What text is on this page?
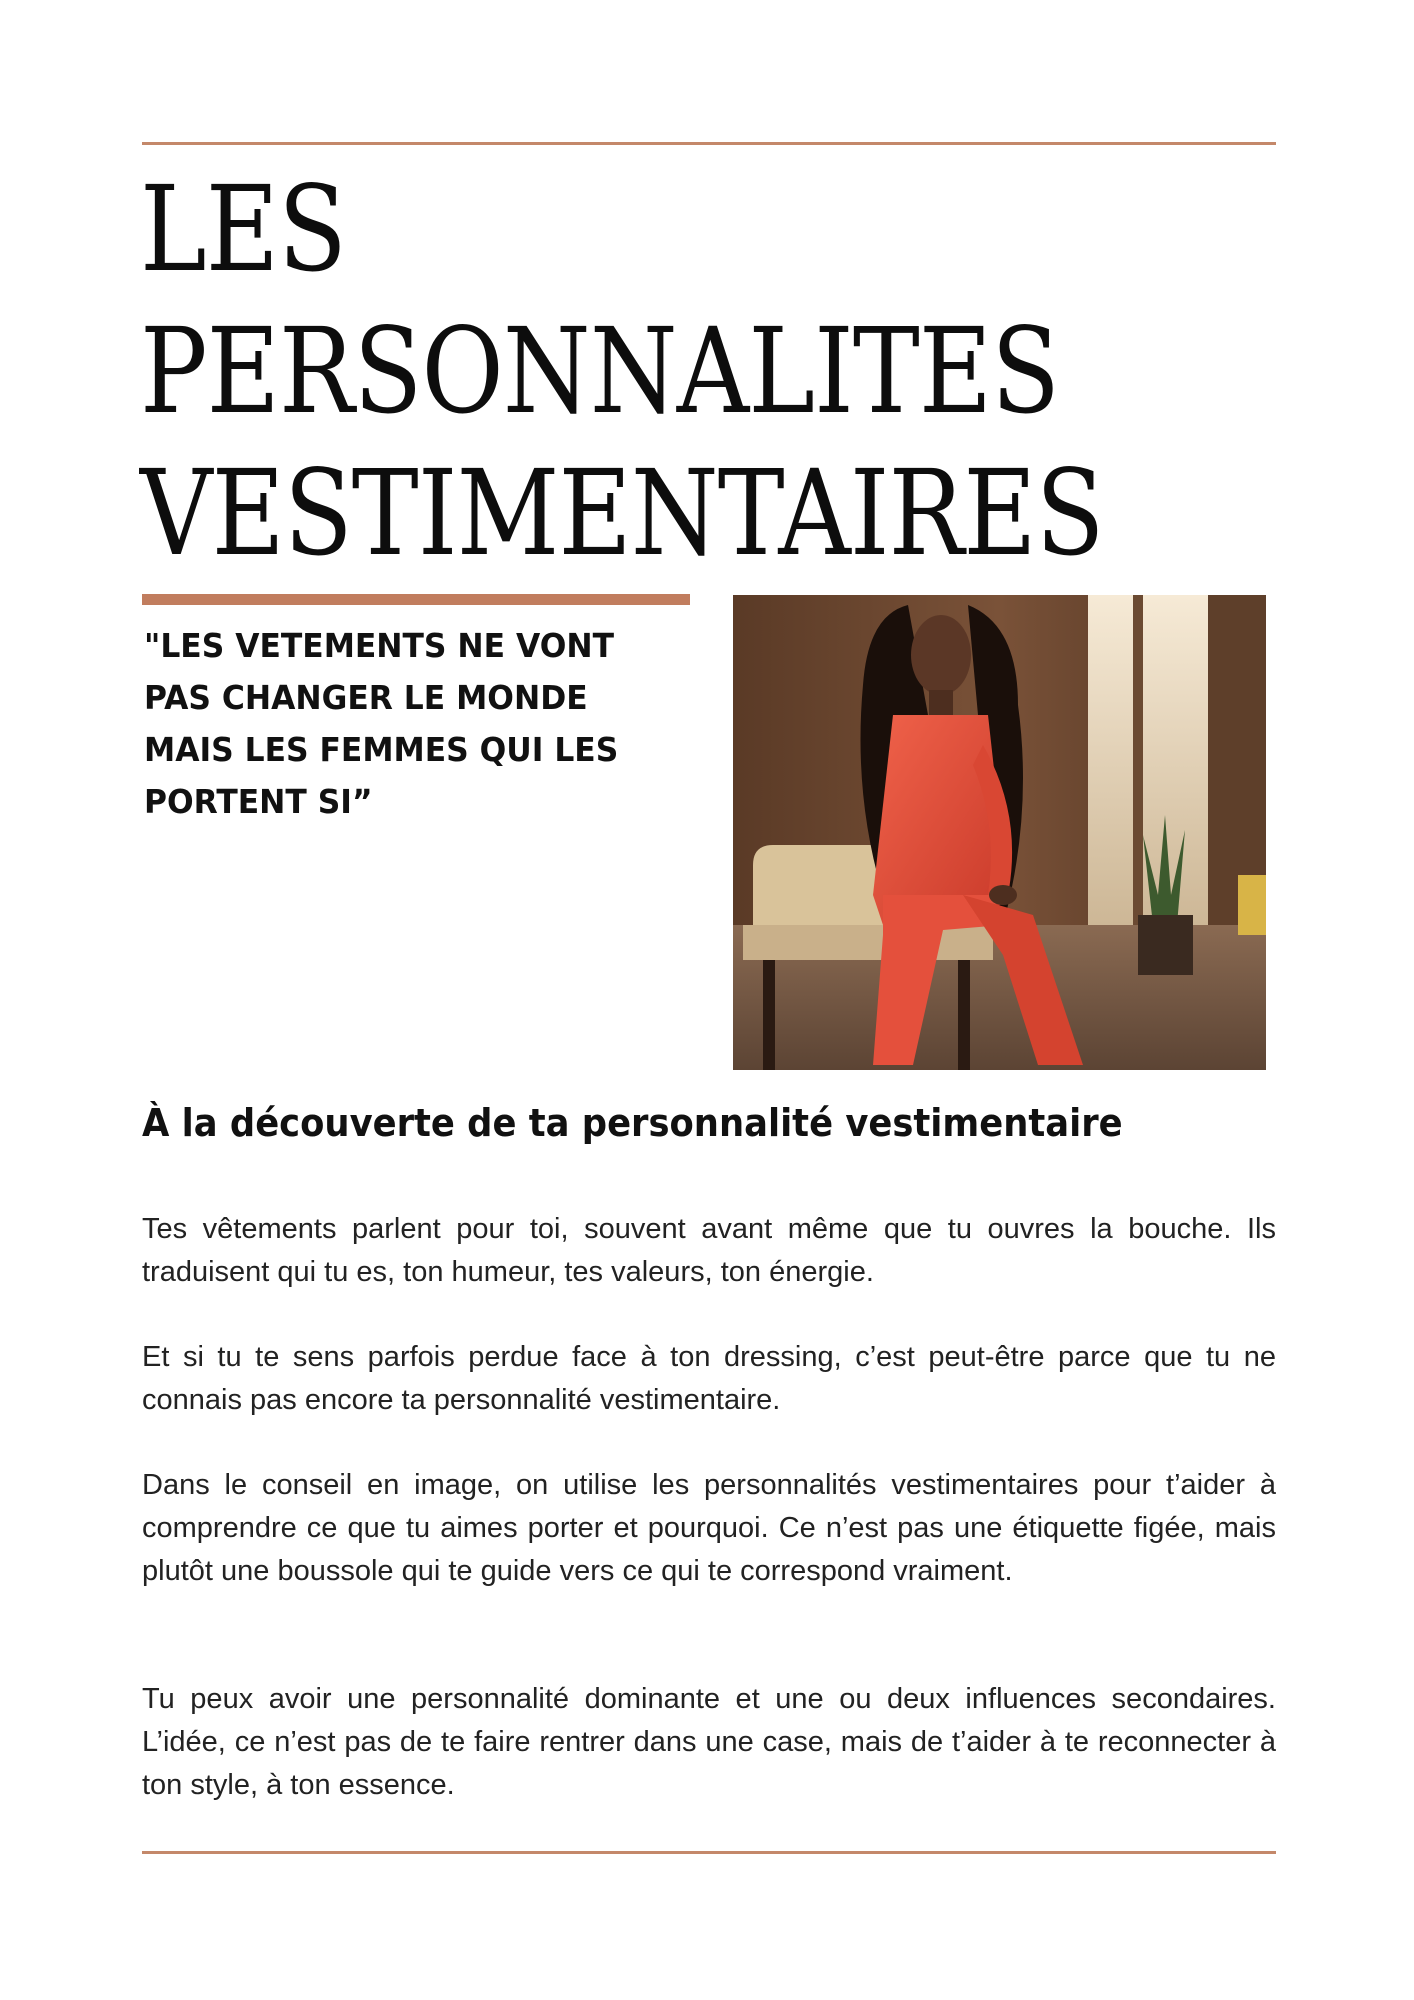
LES
PERSONNALITES
VESTIMENTAIRES

"LES VETEMENTS NE VONT
PAS CHANGER LE MONDE
MAIS LES FEMMES QUI LES
PORTENT SI”

À la découverte de ta personnalité vestimentaire

Tes vêtements parlent pour toi, souvent avant même que tu ouvres la bouche. Ils traduisent qui tu es, ton humeur, tes valeurs, ton énergie.

Et si tu te sens parfois perdue face à ton dressing, c’est peut-être parce que tu ne connais pas encore ta personnalité vestimentaire.

Dans le conseil en image, on utilise les personnalités vestimentaires pour t’aider à comprendre ce que tu aimes porter et pourquoi. Ce n’est pas une étiquette figée, mais plutôt une boussole qui te guide vers ce qui te correspond vraiment.

Tu peux avoir une personnalité dominante et une ou deux influences secondaires. L’idée, ce n’est pas de te faire rentrer dans une case, mais de t’aider à te reconnecter à ton style, à ton essence.
